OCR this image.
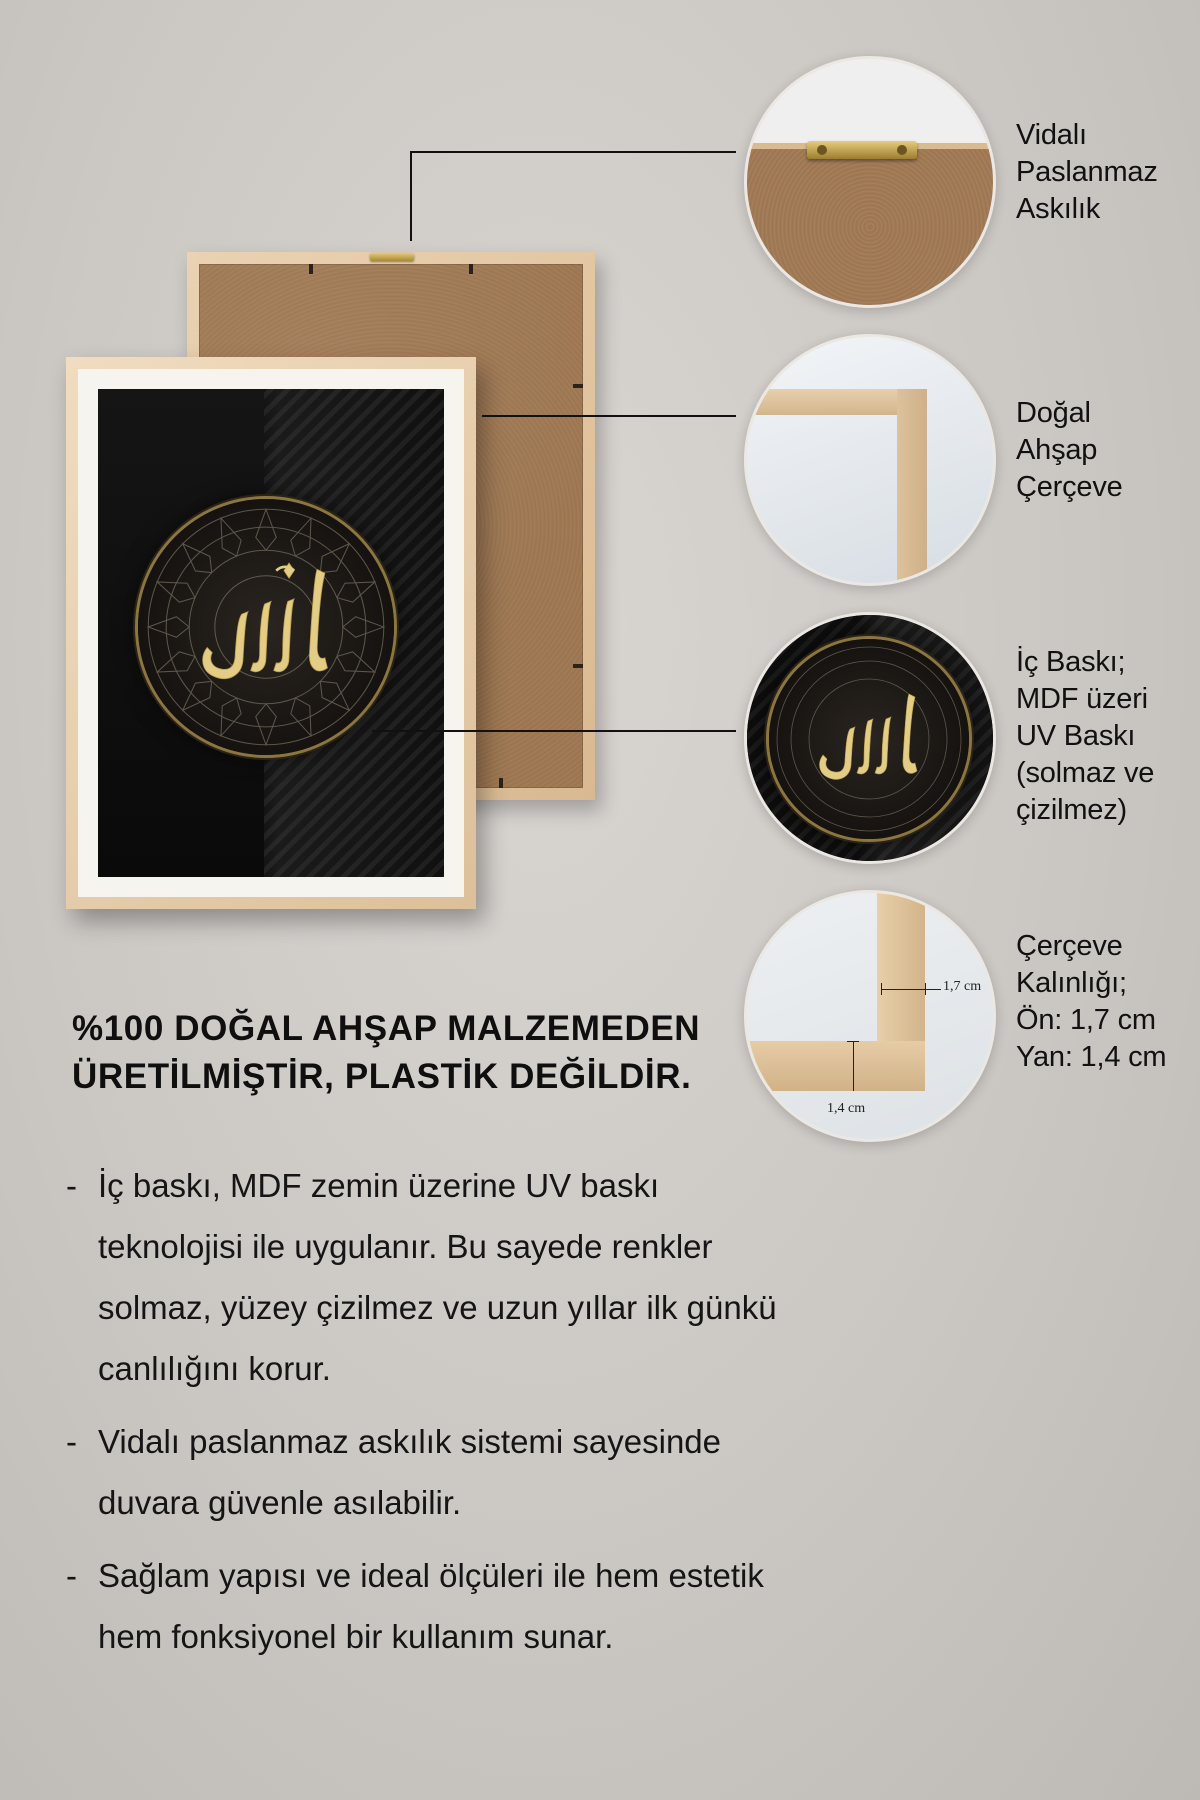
1,7 cm
1,4 cm
Vidalı
Paslanmaz
Askılık
Doğal
Ahşap
Çerçeve
İç Baskı;
MDF üzeri
UV Baskı
(solmaz ve
çizilmez)
Çerçeve
Kalınlığı;
Ön: 1,7 cm
Yan: 1,4 cm
%100 DOĞAL AHŞAP MALZEMEDEN
ÜRETİLMİŞTİR, PLASTİK DEĞİLDİR.
- İç baskı, MDF zemin üzerine UV baskı teknolojisi ile uygulanır. Bu sayede renkler solmaz, yüzey çizilmez ve uzun yıllar ilk günkü canlılığını korur.
- Vidalı paslanmaz askılık sistemi sayesinde duvara güvenle asılabilir.
- Sağlam yapısı ve ideal ölçüleri ile hem estetik hem fonksiyonel bir kullanım sunar.
